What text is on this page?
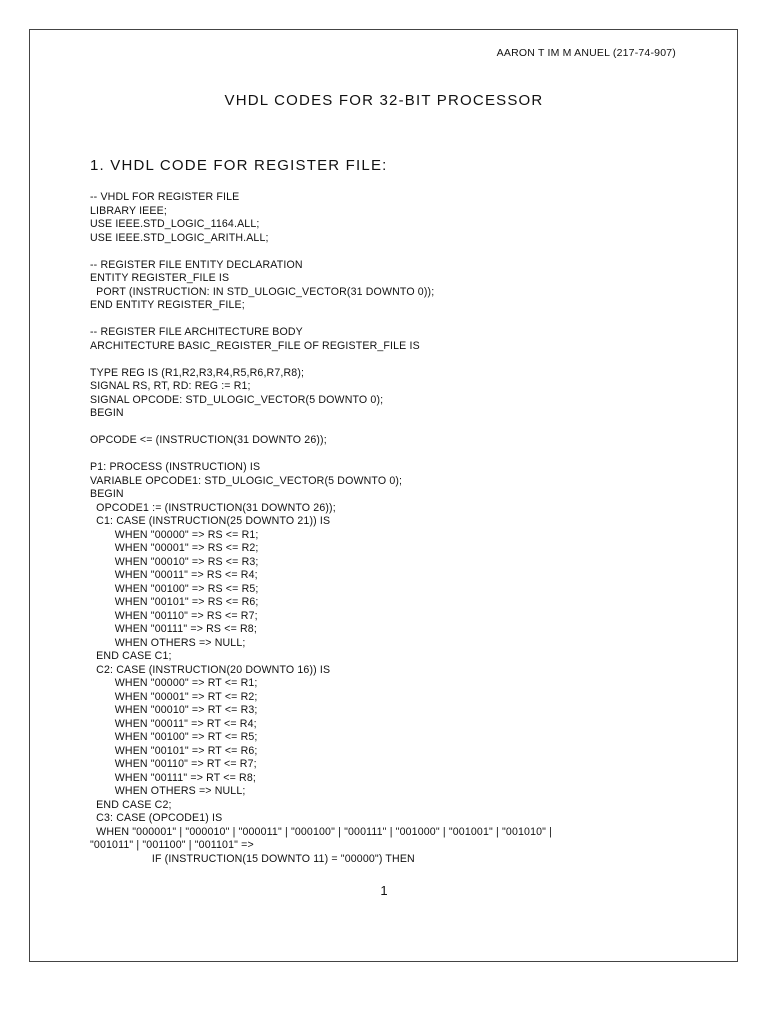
AARON T IM M ANUEL (217-74-907)
VHDL CODES FOR 32-BIT PROCESSOR
1. VHDL CODE FOR REGISTER FILE:
-- VHDL FOR REGISTER FILE
LIBRARY IEEE;
USE IEEE.STD_LOGIC_1164.ALL;
USE IEEE.STD_LOGIC_ARITH.ALL;
-- REGISTER FILE ENTITY DECLARATION
ENTITY REGISTER_FILE IS
PORT (INSTRUCTION: IN STD_ULOGIC_VECTOR(31 DOWNTO 0));
END ENTITY REGISTER_FILE;
-- REGISTER FILE ARCHITECTURE BODY
ARCHITECTURE BASIC_REGISTER_FILE OF REGISTER_FILE IS
TYPE REG IS (R1,R2,R3,R4,R5,R6,R7,R8);
SIGNAL RS, RT, RD: REG := R1;
SIGNAL OPCODE: STD_ULOGIC_VECTOR(5 DOWNTO 0);
BEGIN
OPCODE <= (INSTRUCTION(31 DOWNTO 26));
P1: PROCESS (INSTRUCTION) IS
VARIABLE OPCODE1: STD_ULOGIC_VECTOR(5 DOWNTO 0);
BEGIN
OPCODE1 := (INSTRUCTION(31 DOWNTO 26));
C1: CASE (INSTRUCTION(25 DOWNTO 21)) IS
WHEN "00000" => RS <= R1;
WHEN "00001" => RS <= R2;
WHEN "00010" => RS <= R3;
WHEN "00011" => RS <= R4;
WHEN "00100" => RS <= R5;
WHEN "00101" => RS <= R6;
WHEN "00110" => RS <= R7;
WHEN "00111" => RS <= R8;
WHEN OTHERS => NULL;
END CASE C1;
C2: CASE (INSTRUCTION(20 DOWNTO 16)) IS
WHEN "00000" => RT <= R1;
WHEN "00001" => RT <= R2;
WHEN "00010" => RT <= R3;
WHEN "00011" => RT <= R4;
WHEN "00100" => RT <= R5;
WHEN "00101" => RT <= R6;
WHEN "00110" => RT <= R7;
WHEN "00111" => RT <= R8;
WHEN OTHERS => NULL;
END CASE C2;
C3: CASE (OPCODE1) IS
WHEN "000001" | "000010" | "000011" | "000100" | "000111" | "001000" | "001001" | "001010" |
"001011" | "001100" | "001101" =>
IF (INSTRUCTION(15 DOWNTO 11) = "00000") THEN
1
